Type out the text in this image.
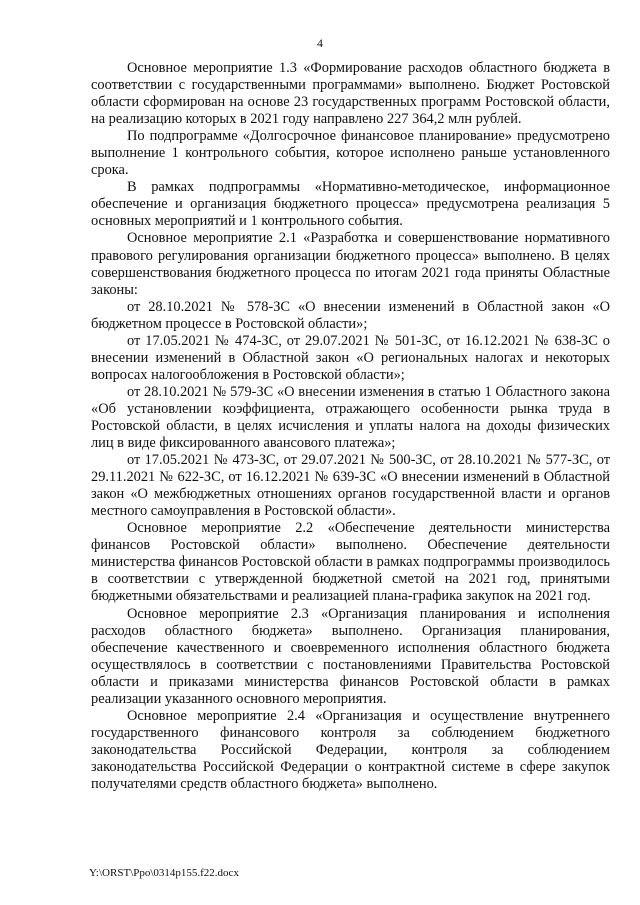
4

Основное мероприятие 1.3 «Формирование расходов областного бюджета в соответствии с государственными программами» выполнено. Бюджет Ростовской области сформирован на основе 23 государственных программ Ростовской области, на реализацию которых в 2021 году направлено 227 364,2 млн рублей.

По подпрограмме «Долгосрочное финансовое планирование» предусмотрено выполнение 1 контрольного события, которое исполнено раньше установленного срока.

В рамках подпрограммы «Нормативно-методическое, информационное обеспечение и организация бюджетного процесса» предусмотрена реализация 5 основных мероприятий и 1 контрольного события.

Основное мероприятие 2.1 «Разработка и совершенствование нормативного правового регулирования организации бюджетного процесса» выполнено. В целях совершенствования бюджетного процесса по итогам 2021 года приняты Областные законы:

от 28.10.2021 № 578-ЗС «О внесении изменений в Областной закон «О бюджетном процессе в Ростовской области»;

от 17.05.2021 № 474-ЗС, от 29.07.2021 № 501-ЗС, от 16.12.2021 № 638-ЗС о внесении изменений в Областной закон «О региональных налогах и некоторых вопросах налогообложения в Ростовской области»;

от 28.10.2021 № 579-ЗС «О внесении изменения в статью 1 Областного закона «Об установлении коэффициента, отражающего особенности рынка труда в Ростовской области, в целях исчисления и уплаты налога на доходы физических лиц в виде фиксированного авансового платежа»;

от 17.05.2021 № 473-ЗС, от 29.07.2021 № 500-ЗС, от 28.10.2021 № 577-ЗС, от 29.11.2021 № 622-ЗС, от 16.12.2021 № 639-ЗС «О внесении изменений в Областной закон «О межбюджетных отношениях органов государственной власти и органов местного самоуправления в Ростовской области».

Основное мероприятие 2.2 «Обеспечение деятельности министерства финансов Ростовской области» выполнено. Обеспечение деятельности министерства финансов Ростовской области в рамках подпрограммы производилось в соответствии с утвержденной бюджетной сметой на 2021 год, принятыми бюджетными обязательствами и реализацией плана-графика закупок на 2021 год.

Основное мероприятие 2.3 «Организация планирования и исполнения расходов областного бюджета» выполнено. Организация планирования, обеспечение качественного и своевременного исполнения областного бюджета осуществлялось в соответствии с постановлениями Правительства Ростовской области и приказами министерства финансов Ростовской области в рамках реализации указанного основного мероприятия.

Основное мероприятие 2.4 «Организация и осуществление внутреннего государственного финансового контроля за соблюдением бюджетного законодательства Российской Федерации, контроля за соблюдением законодательства Российской Федерации о контрактной системе в сфере закупок получателями средств областного бюджета» выполнено.

Y:\ORST\Ppo\0314p155.f22.docx
